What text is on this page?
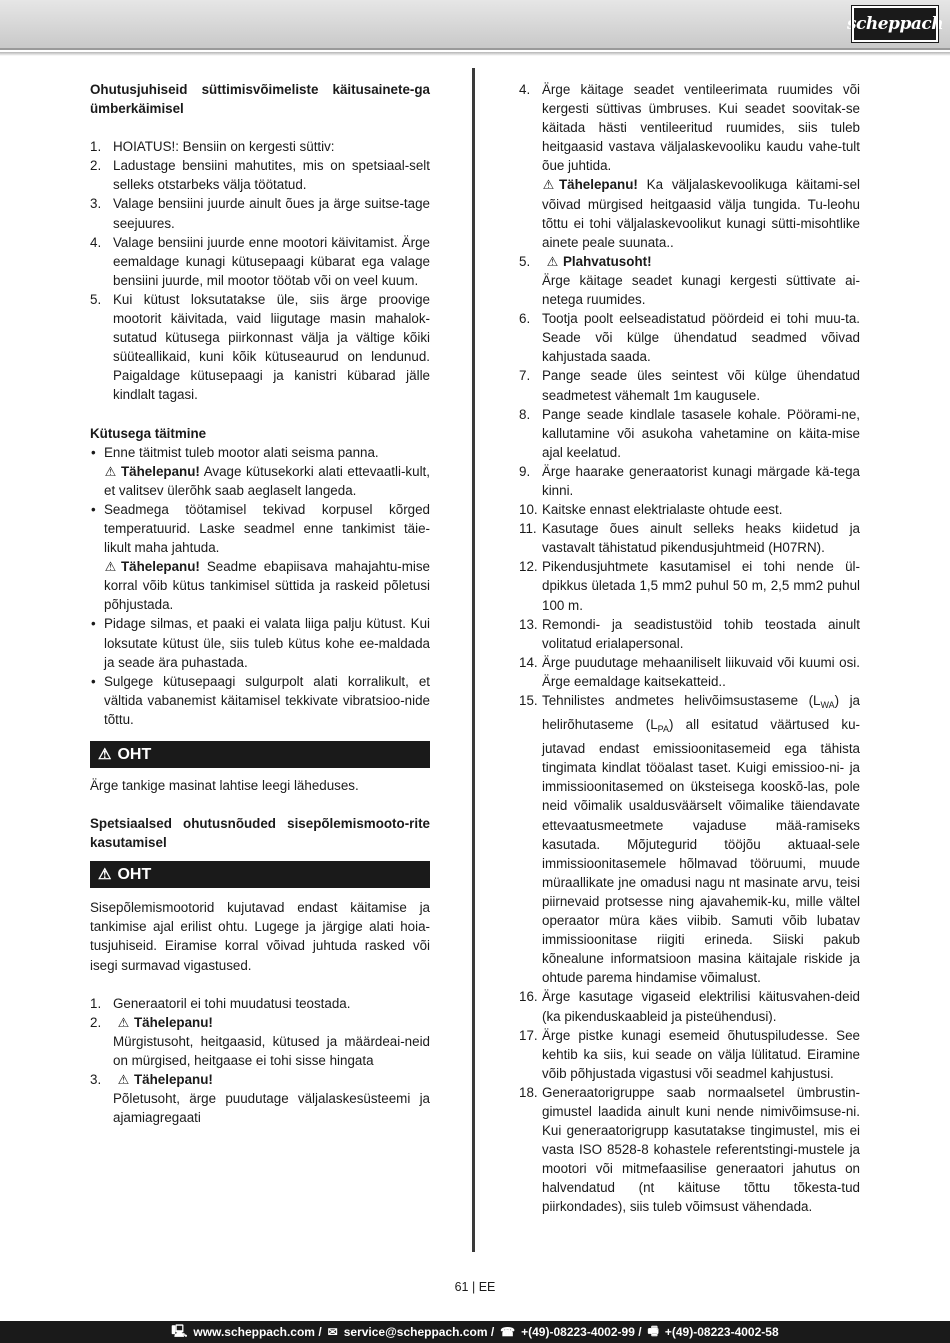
scheppach
Ohutusjuhiseid süttimisvõimeliste käitusainete-ga ümberkäimisel
1. HOIATUS!: Bensiin on kergesti süttiv:
2. Ladustage bensiini mahutites, mis on spetsiaal-selt selleks otstarbeks välja töötatud.
3. Valage bensiini juurde ainult õues ja ärge suitse-tage seejuures.
4. Valage bensiini juurde enne mootori käivitamist. Ärge eemaldage kunagi kütusepaagi kübarat ega valage bensiini juurde, mil mootor töötab või on veel kuum.
5. Kui kütust loksutatakse üle, siis ärge proovige mootorit käivitada, vaid liigutage masin mahalok-sutatud kütusega piirkonnast välja ja vältige kõiki süüteallikaid, kuni kõik kütuseaurud on lendunud. Paigaldage kütusepaagi ja kanistri kübarad jälle kindlalt tagasi.
Kütusega täitmine
• Enne täitmist tuleb mootor alati seisma panna.
⚠ Tähelepanu! Avage kütusekorki alati ettevaatli-kult, et valitsev ülerõhk saab aeglaselt langeda.
• Seadmega töötamisel tekivad korpusel kõrged temperatuurid. Laske seadmel enne tankimist täie-likult maha jahtuda.
⚠ Tähelepanu! Seadme ebapiisava mahajahtu-mise korral võib kütus tankimisel süttida ja raskeid põletusi põhjustada.
• Pidage silmas, et paaki ei valata liiga palju kütust. Kui loksutate kütust üle, siis tuleb kütus kohe ee-maldada ja seade ära puhastada.
• Sulgege kütusepaagi sulgurpolt alati korralikult, et vältida vabanemist käitamisel tekkivate vibratsioo-nide tõttu.
⚠ OHT
Ärge tankige masinat lahtise leegi läheduses.
Spetsiaalsed ohutusnõuded sisepõlemismooto-rite kasutamisel
⚠ OHT
Sisepõlemismootorid kujutavad endast käitamise ja tankimise ajal erilist ohtu. Lugege ja järgige alati hoia-tusjuhiseid. Eiramise korral võivad juhtuda rasked või isegi surmavad vigastused.
1. Generaatoril ei tohi muudatusi teostada.
2.	⚠ Tähelepanu!
Mürgistusoht, heitgaasid, kütused ja määrdeai-neid on mürgised, heitgaase ei tohi sisse hingata
3.	⚠ Tähelepanu!
Põletusoht, ärge puudutage väljalaskesüsteemi ja ajamiagregaati
4. Ärge käitage seadet ventileerimata ruumides või kergesti süttivas ümbruses. Kui seadet soovitak-se käitada hästi ventileeritud ruumides, siis tuleb heitgaasid vastava väljalaskevooliku kaudu vahe-tult õue juhtida.
⚠ Tähelepanu! Ka väljalaskevoolikuga käitami-sel võivad mürgised heitgaasid välja tungida. Tu-leohu tõttu ei tohi väljalaskevoolikut kunagi sütti-misohtlike ainete peale suunata..
5.	⚠ Plahvatusoht!
Ärge käitage seadet kunagi kergesti süttivate ai-netega ruumides.
6. Tootja poolt eelseadistatud pöördeid ei tohi muu-ta. Seade või külge ühendatud seadmed võivad kahjustada saada.
7. Pange seade üles seintest või külge ühendatud seadmetest vähemalt 1m kaugusele.
8. Pange seade kindlale tasasele kohale. Pöörami-ne, kallutamine või asukoha vahetamine on käita-mise ajal keelatud.
9. Ärge haarake generaatorist kunagi märgade kä-tega kinni.
10. Kaitske ennast elektrialaste ohtude eest.
11. Kasutage õues ainult selleks heaks kiidetud ja vastavalt tähistatud pikendusjuhtmeid (H07RN).
12. Pikendusjuhtmete kasutamisel ei tohi nende ül-dpikkus ületada 1,5 mm2 puhul 50 m, 2,5 mm2 puhul 100 m.
13. Remondi- ja seadistustöid tohib teostada ainult volitatud erialapersonal.
14. Ärge puudutage mehaaniliselt liikuvaid või kuumi osi. Ärge eemaldage kaitsekatteid..
15. Tehnilistes andmetes helivõimsustaseme $(L_{WA})$ ja helirõhutaseme $(L_{PA})$ all esitatud väärtused ku-jutavad endast emissioonitasemeid ega tähista tingimata kindlat tööalast taset. Kuigi emissioo-ni- ja immissioonitasemed on üksteisega kooskõ-las, pole neid võimalik usaldusväärselt võimalike täiendavate ettevaatusmeetmete vajaduse mää-ramiseks kasutada. Mõjutegurid tööjõu aktuaal-sele immissioonitasemele hõlmavad tööruumi, muude müraallikate jne omadusi nagu nt masinate arvu, teisi piirnevaid protsesse ning ajavahemik-ku, mille vältel operaator müra käes viibib. Samuti võib lubatav immissioonitase riigiti erineda. Siiski pakub kõnealune informatsioon masina käitajale riskide ja ohtude parema hindamise võimalust.
16. Ärge kasutage vigaseid elektrilisi käitusvahen-deid (ka pikenduskaableid ja pisteühendusi).
17. Ärge pistke kunagi esemeid õhutuspiludesse. See kehtib ka siis, kui seade on välja lülitatud. Eiramine võib põhjustada vigastusi või seadmel kahjustusi.
18. Generaatorigruppe saab normaalsetel ümbrustin-gimustel laadida ainult kuni nende nimivõimsuse-ni. Kui generaatorigrupp kasutatakse tingimustel, mis ei vasta ISO 8528-8 kohastele referentstingi-mustele ja mootori või mitmefaasilise generaatori jahutus on halvendatud (nt käituse tõttu tõkesta-tud piirkondades), siis tuleb võimsust vähendada.
61 | EE
🖳 www.scheppach.com / ✉ service@scheppach.com / ☎ +(49)-08223-4002-99 / 🖷 +(49)-08223-4002-58
